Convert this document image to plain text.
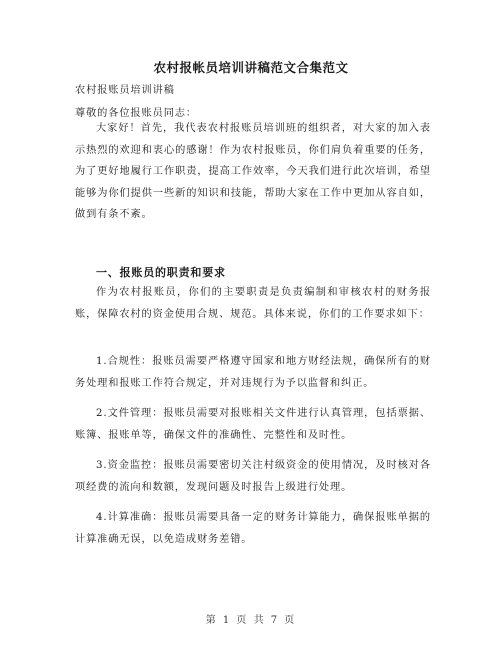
农村报帐员培训讲稿范文合集范文
农村报账员培训讲稿
尊敬的各位报账员同志：
大家好！首先，我代表农村报账员培训班的组织者，对大家的加入表示热烈的欢迎和衷心的感谢！作为农村报账员，你们肩负着重要的任务，为了更好地履行工作职责，提高工作效率，今天我们进行此次培训，希望能够为你们提供一些新的知识和技能，帮助大家在工作中更加从容自如，做到有条不紊。
一、报账员的职责和要求
作为农村报账员，你们的主要职责是负责编制和审核农村的财务报账，保障农村的资金使用合规、规范。具体来说，你们的工作要求如下：
1.合规性：报账员需要严格遵守国家和地方财经法规，确保所有的财务处理和报账工作符合规定，并对违规行为予以监督和纠正。
2.文件管理：报账员需要对报账相关文件进行认真管理，包括票据、账簿、报账单等，确保文件的准确性、完整性和及时性。
3.资金监控：报账员需要密切关注村级资金的使用情况，及时核对各项经费的流向和数额，发现问题及时报告上级进行处理。
4.计算准确：报账员需要具备一定的财务计算能力，确保报账单据的计算准确无误，以免造成财务差错。
第 1 页 共 7 页
